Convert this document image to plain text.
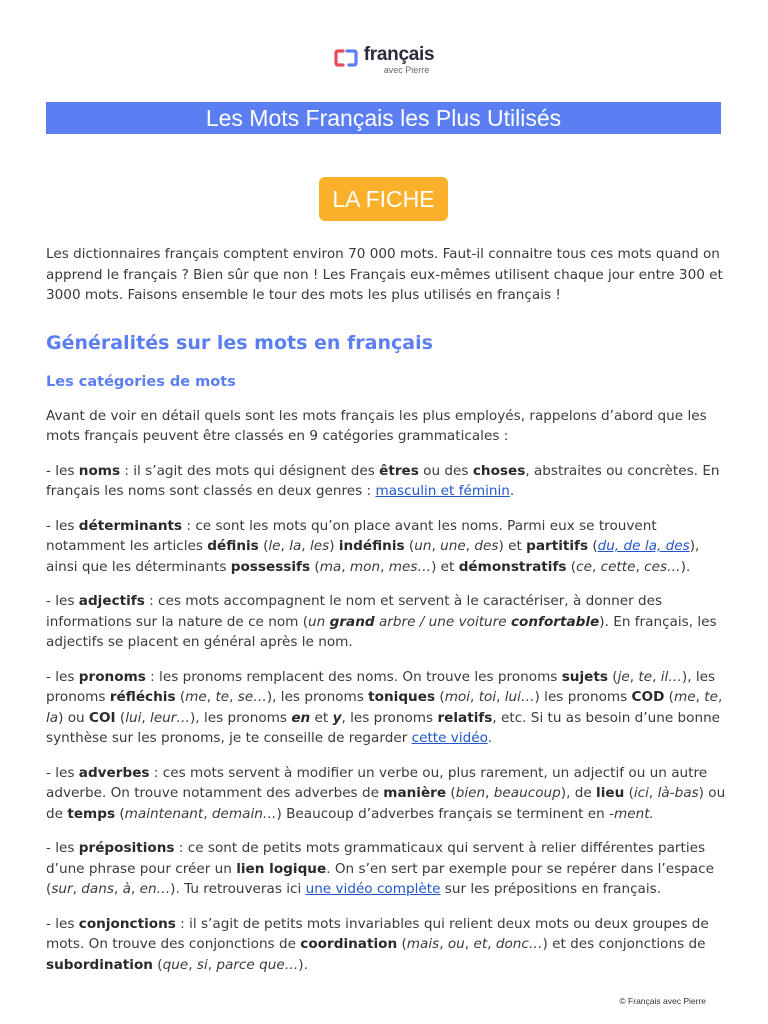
français
avec Pierre
Les Mots Français les Plus Utilisés
LA FICHE

Les dictionnaires français comptent environ 70 000 mots. Faut-il connaitre tous ces mots quand on apprend le français ? Bien sûr que non ! Les Français eux-mêmes utilisent chaque jour entre 300 et 3000 mots. Faisons ensemble le tour des mots les plus utilisés en français !

Généralités sur les mots en français
Les catégories de mots

Avant de voir en détail quels sont les mots français les plus employés, rappelons d’abord que les mots français peuvent être classés en 9 catégories grammaticales :

- les noms : il s’agit des mots qui désignent des êtres ou des choses, abstraites ou concrètes. En français les noms sont classés en deux genres : masculin et féminin.

- les déterminants : ce sont les mots qu’on place avant les noms. Parmi eux se trouvent notamment les articles définis (le, la, les) indéfinis (un, une, des) et partitifs (du, de la, des), ainsi que les déterminants possessifs (ma, mon, mes…) et démonstratifs (ce, cette, ces…).

- les adjectifs : ces mots accompagnent le nom et servent à le caractériser, à donner des informations sur la nature de ce nom (un grand arbre / une voiture confortable). En français, les adjectifs se placent en général après le nom.

- les pronoms : les pronoms remplacent des noms. On trouve les pronoms sujets (je, te, il…), les pronoms réfléchis (me, te, se…), les pronoms toniques (moi, toi, lui…) les pronoms COD (me, te, la) ou COI (lui, leur…), les pronoms en et y, les pronoms relatifs, etc. Si tu as besoin d’une bonne synthèse sur les pronoms, je te conseille de regarder cette vidéo.

- les adverbes : ces mots servent à modifier un verbe ou, plus rarement, un adjectif ou un autre adverbe. On trouve notamment des adverbes de manière (bien, beaucoup), de lieu (ici, là-bas) ou de temps (maintenant, demain…) Beaucoup d’adverbes français se terminent en -ment.

- les prépositions : ce sont de petits mots grammaticaux qui servent à relier différentes parties d’une phrase pour créer un lien logique. On s’en sert par exemple pour se repérer dans l’espace (sur, dans, à, en…). Tu retrouveras ici une vidéo complète sur les prépositions en français.

- les conjonctions : il s’agit de petits mots invariables qui relient deux mots ou deux groupes de mots. On trouve des conjonctions de coordination (mais, ou, et, donc…) et des conjonctions de subordination (que, si, parce que…).

© Français avec Pierre
